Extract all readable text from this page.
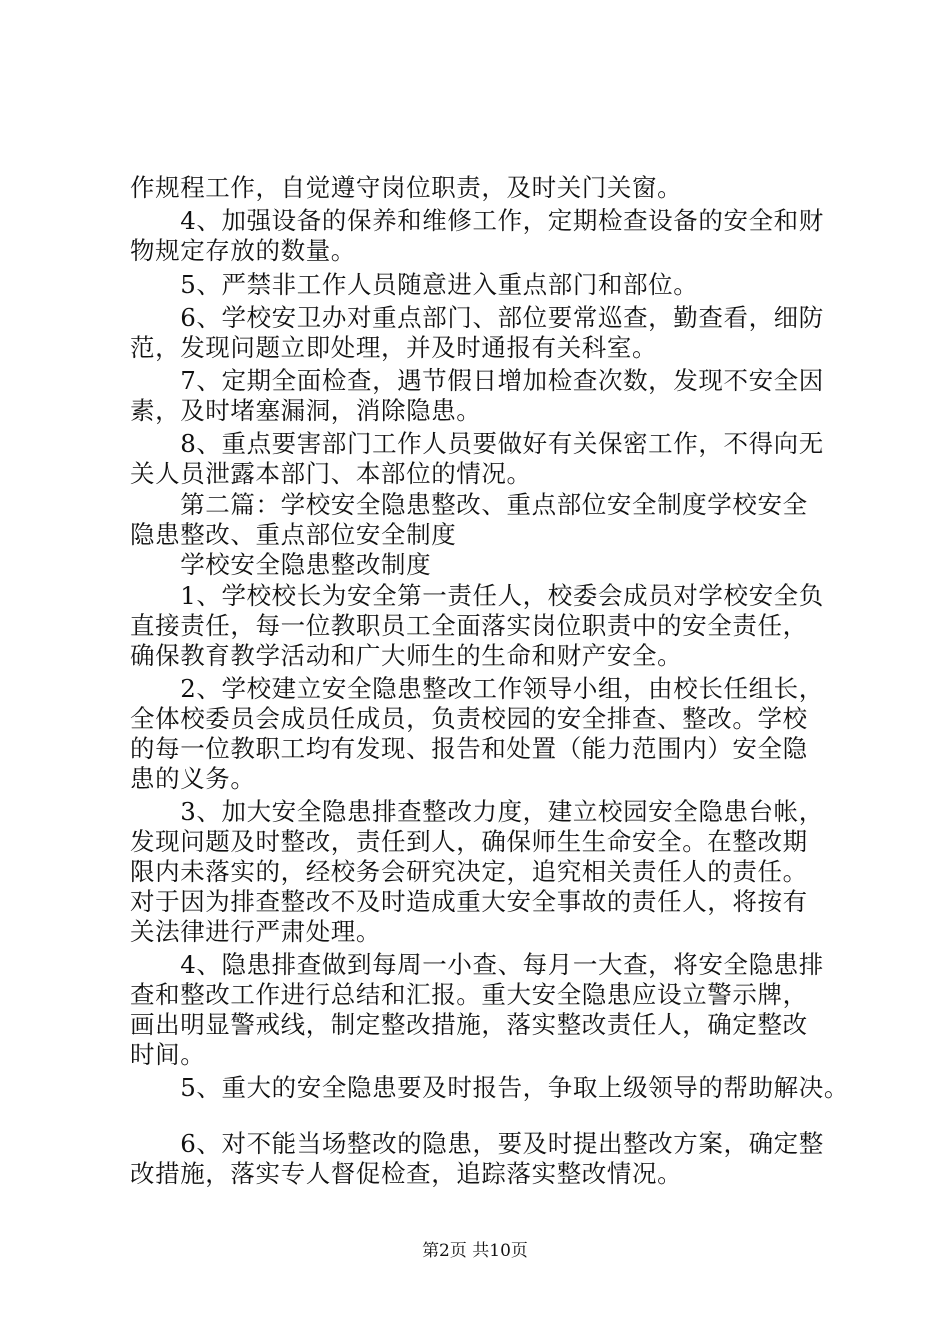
作规程工作，自觉遵守岗位职责，及时关门关窗。
　　4、加强设备的保养和维修工作，定期检查设备的安全和财
物规定存放的数量。
　　5、严禁非工作人员随意进入重点部门和部位。
　　6、学校安卫办对重点部门、部位要常巡查，勤查看，细防
范，发现问题立即处理，并及时通报有关科室。
　　7、定期全面检查，遇节假日增加检查次数，发现不安全因
素，及时堵塞漏洞，消除隐患。
　　8、重点要害部门工作人员要做好有关保密工作，不得向无
关人员泄露本部门、本部位的情况。
　　第二篇：学校安全隐患整改、重点部位安全制度学校安全
隐患整改、重点部位安全制度
　　学校安全隐患整改制度
　　1、学校校长为安全第一责任人，校委会成员对学校安全负
直接责任，每一位教职员工全面落实岗位职责中的安全责任，
确保教育教学活动和广大师生的生命和财产安全。
　　2、学校建立安全隐患整改工作领导小组，由校长任组长，
全体校委员会成员任成员，负责校园的安全排查、整改。学校
的每一位教职工均有发现、报告和处置（能力范围内）安全隐
患的义务。
　　3、加大安全隐患排查整改力度，建立校园安全隐患台帐，
发现问题及时整改，责任到人，确保师生生命安全。在整改期
限内未落实的，经校务会研究决定，追究相关责任人的责任。
对于因为排查整改不及时造成重大安全事故的责任人，将按有
关法律进行严肃处理。
　　4、隐患排查做到每周一小查、每月一大查，将安全隐患排
查和整改工作进行总结和汇报。重大安全隐患应设立警示牌，
画出明显警戒线，制定整改措施，落实整改责任人，确定整改
时间。
　　5、重大的安全隐患要及时报告，争取上级领导的帮助解决。
　　6、对不能当场整改的隐患，要及时提出整改方案，确定整
改措施，落实专人督促检查，追踪落实整改情况。
第2页 共10页
